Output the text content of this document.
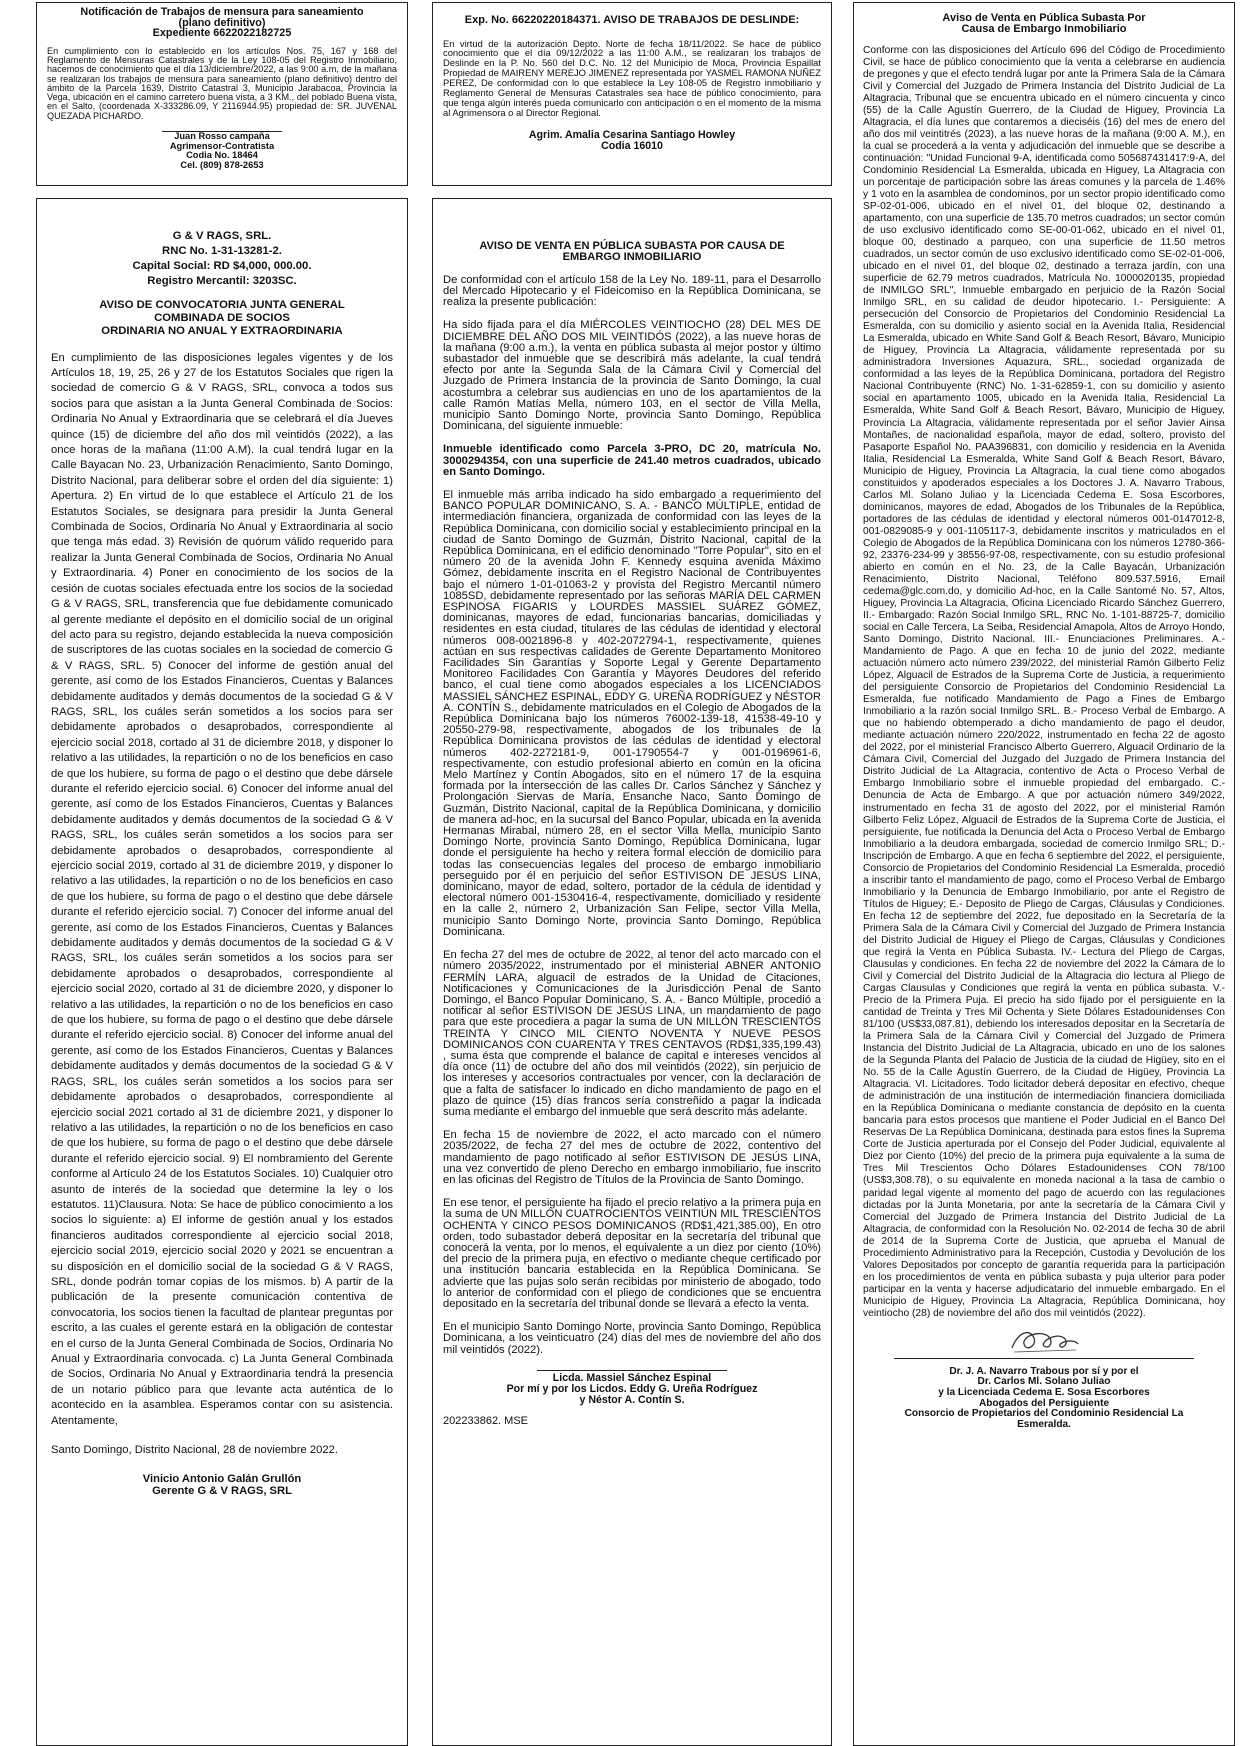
Notificación de Trabajos de mensura para saneamiento
(plano definitivo)
Expediente 6622022182725

En cumplimiento con lo establecido en los artículos Nos. 75, 167 y 168 del Reglamento de Mensuras Catastrales y de la Ley 108-05 del Registro Inmobiliario, hacemos de conocimiento que el día 13/diciembre/2022, a las 9:00 a.m, de la mañana se realizaran los trabajos de mensura para saneamiento (plano definitivo) dentro del ámbito de la Parcela 1639, Distrito Catastral 3, Municipio Jarabacoa, Provincia la Vega, ubicación en el camino carretero buena vista, a 3 KM., del poblado Buena vista, en el Salto, (coordenada X-333286.09, Y 2116944.95) propiedad de: SR. JUVENAL QUEZADA PICHARDO.

Juan Rosso campaña
Agrimensor-Contratista
Codia No. 18464
Cel. (809) 878-2653
Exp. No. 66220220184371. AVISO DE TRABAJOS DE DESLINDE:

En virtud de la autorización Depto. Norte de fecha 18/11/2022. Se hace de público conocimiento que el día 09/12/2022 a las 11:00 A.M., se realizaran los trabajos de Deslinde en la P. No. 560 del D.C. No. 12 del Municipio de Moca, Provincia Espaillat Propiedad de MAIRENY MEREJO JIMENEZ representada por YASMEL RAMONA NUÑEZ PEREZ, De conformidad con lo que establece la Ley 108-05 de Registro inmobiliario y Reglamento General de Mensuras Catastrales sea hace de público conocimiento, para que tenga algún interés pueda comunicarlo con anticipación o en el momento de la misma al Agrimensora o al Director Regional.

Agrim. Amalia Cesarina Santiago Howley
Codia 16010
G & V RAGS, SRL.
RNC No. 1-31-13281-2.
Capital Social: RD $4,000, 000.00.
Registro Mercantil: 3203SC.
AVISO DE CONVOCATORIA JUNTA GENERAL
COMBINADA DE SOCIOS
ORDINARIA NO ANUAL Y EXTRAORDINARIA

En cumplimiento de las disposiciones legales vigentes y de los Artículos 18, 19, 25, 26 y 27 de los Estatutos Sociales que rigen la sociedad de comercio G & V RAGS, SRL, convoca a todos sus socios para que asistan a la Junta General Combinada de Socios: Ordinaria No Anual y Extraordinaria que se celebrará el día Jueves quince (15) de diciembre del año dos mil veintidós (2022), a las once horas de la mañana (11:00 A.M). la cual tendrá lugar en la Calle Bayacan No. 23, Urbanización Renacimiento, Santo Domingo, Distrito Nacional, para deliberar sobre el orden del día siguiente: 1) Apertura. 2) En virtud de lo que establece el Artículo 21 de los Estatutos Sociales, se designara para presidir la Junta General Combinada de Socios, Ordinaria No Anual y Extraordinaria al socio que tenga más edad. 3) Revisión de quórum válido requerido para realizar la Junta General Combinada de Socios, Ordinaria No Anual y Extraordinaria. 4) Poner en conocimiento de los socios de la cesión de cuotas sociales efectuada entre los socios de la sociedad G & V RAGS, SRL, transferencia que fue debidamente comunicado al gerente mediante el depósito en el domicilio social de un original del acto para su registro, dejando establecida la nueva composición de suscriptores de las cuotas sociales en la sociedad de comercio G & V RAGS, SRL. 5) Conocer del informe de gestión anual del gerente, así como de los Estados Financieros, Cuentas y Balances debidamente auditados y demás documentos de la sociedad G & V RAGS, SRL, los cuáles serán sometidos a los socios para ser debidamente aprobados o desaprobados, correspondiente al ejercicio social 2018, cortado al 31 de diciembre 2018, y disponer lo relativo a las utilidades, la repartición o no de los beneficios en caso de que los hubiere, su forma de pago o el destino que debe dársele durante el referido ejercicio social. 6) Conocer del informe anual del gerente, así como de los Estados Financieros, Cuentas y Balances debidamente auditados y demás documentos de la sociedad G & V RAGS, SRL, los cuáles serán sometidos a los socios para ser debidamente aprobados o desaprobados, correspondiente al ejercicio social 2019, cortado al 31 de diciembre 2019, y disponer lo relativo a las utilidades, la repartición o no de los beneficios en caso de que los hubiere, su forma de pago o el destino que debe dársele durante el referido ejercicio social. 7) Conocer del informe anual del gerente, así como de los Estados Financieros, Cuentas y Balances debidamente auditados y demás documentos de la sociedad G & V RAGS, SRL, los cuáles serán sometidos a los socios para ser debidamente aprobados o desaprobados, correspondiente al ejercicio social 2020, cortado al 31 de diciembre 2020, y disponer lo relativo a las utilidades, la repartición o no de los beneficios en caso de que los hubiere, su forma de pago o el destino que debe dársele durante el referido ejercicio social. 8) Conocer del informe anual del gerente, así como de los Estados Financieros, Cuentas y Balances debidamente auditados y demás documentos de la sociedad G & V RAGS, SRL, los cuáles serán sometidos a los socios para ser debidamente aprobados o desaprobados, correspondiente al ejercicio social 2021 cortado al 31 de diciembre 2021, y disponer lo relativo a las utilidades, la repartición o no de los beneficios en caso de que los hubiere, su forma de pago o el destino que debe dársele durante el referido ejercicio social. 9) El nombramiento del Gerente conforme al Artículo 24 de los Estatutos Sociales. 10) Cualquier otro asunto de interés de la sociedad que determine la ley o los estatutos. 11)Clausura. Nota: Se hace de público conocimiento a los socios lo siguiente: a) El informe de gestión anual y los estados financieros auditados correspondiente al ejercicio social 2018, ejercicio social 2019, ejercicio social 2020 y 2021 se encuentran a su disposición en el domicilio social de la sociedad G & V RAGS, SRL, donde podrán tomar copias de los mismos. b) A partir de la publicación de la presente comunicación contentiva de convocatoria, los socios tienen la facultad de plantear preguntas por escrito, a las cuales el gerente estará en la obligación de contestar en el curso de la Junta General Combinada de Socios, Ordinaria No Anual y Extraordinaria convocada. c) La Junta General Combinada de Socios, Ordinaria No Anual y Extraordinaria tendrá la presencia de un notario público para que levante acta auténtica de lo acontecido en la asamblea. Esperamos contar con su asistencia. Atentamente,

Santo Domingo, Distrito Nacional, 28 de noviembre 2022.

Vinicio Antonio Galán Grullón
Gerente G & V RAGS, SRL
AVISO DE VENTA EN PÚBLICA SUBASTA POR CAUSA DE
EMBARGO INMOBILIARIO

De conformidad con el artículo 158 de la Ley No. 189-11, para el Desarrollo del Mercado Hipotecario y el Fideicomiso en la República Dominicana, se realiza la presente publicación:

Ha sido fijada para el día MIÉRCOLES VEINTIOCHO (28) DEL MES DE DICIEMBRE DEL AÑO DOS MIL VEINTIDÓS (2022), a las nueve horas de la mañana (9:00 a.m.), la venta en pública subasta al mejor postor y último subastador del inmueble que se describirá más adelante, la cual tendrá efecto por ante la Segunda Sala de la Cámara Civil y Comercial del Juzgado de Primera Instancia de la provincia de Santo Domingo, la cual acostumbra a celebrar sus audiencias en uno de los apartamientos de la calle Ramón Matías Mella, número 103, en el sector de Villa Mella, municipio Santo Domingo Norte, provincia Santo Domingo, República Dominicana, del siguiente inmueble:

Inmueble identificado como Parcela 3-PRO, DC 20, matrícula No. 3000294354, con una superficie de 241.40 metros cuadrados, ubicado en Santo Domingo.

El inmueble más arriba indicado ha sido embargado a requerimiento del BANCO POPULAR DOMINICANO, S. A. - BANCO MÚLTIPLE, entidad de intermediación financiera, organizada de conformidad con las leyes de la República Dominicana, con domicilio social y establecimiento principal en la ciudad de Santo Domingo de Guzmán, Distrito Nacional, capital de la República Dominicana, en el edificio denominado "Torre Popular", sito en el número 20 de la avenida John F. Kennedy esquina avenida Máximo Gómez, debidamente inscrita en el Registro Nacional de Contribuyentes bajo el número 1-01-01063-2 y provista del Registro Mercantil número 1085SD, debidamente representado por las señoras MARÍA DEL CARMEN ESPINOSA FIGARIS y LOURDES MASSIEL SUÁREZ GÓMEZ, dominicanas, mayores de edad, funcionarias bancarias, domiciliadas y residentes en esta ciudad, titulares de las cédulas de identidad y electoral números 008-0021896-8 y 402-2072794-1, respectivamente, quienes actúan en sus respectivas calidades de Gerente Departamento Monitoreo Facilidades Sin Garantías y Soporte Legal y Gerente Departamento Monitoreo Facilidades Con Garantía y Mayores Deudores del referido banco, el cual tiene como abogados especiales a los LICENCIADOS MASSIEL SÁNCHEZ ESPINAL, EDDY G. UREÑA RODRÍGUEZ y NÉSTOR A. CONTÍN S., debidamente matriculados en el Colegio de Abogados de la República Dominicana bajo los números 76002-139-18, 41538-49-10 y 20550-279-98, respectivamente, abogados de los tribunales de la República Dominicana provistos de las cédulas de identidad y electoral números 402-2272181-9, 001-1790554-7 y 001-0196961-6, respectivamente, con estudio profesional abierto en común en la oficina Melo Martínez y Contín Abogados, sito en el número 17 de la esquina formada por la intersección de las calles Dr. Carlos Sánchez y Sánchez y Prolongación Siervas de María, Ensanche Naco, Santo Domingo de Guzmán, Distrito Nacional, capital de la República Dominicana, y domicilio de manera ad-hoc, en la sucursal del Banco Popular, ubicada en la avenida Hermanas Mirabal, número 28, en el sector Villa Mella, municipio Santo Domingo Norte, provincia Santo Domingo, República Dominicana, lugar donde el persiguiente ha hecho y reitera formal elección de domicilio para todas las consecuencias legales del proceso de embargo inmobiliario perseguido por él en perjuicio del señor ESTIVISON DE JESÚS LINA, dominicano, mayor de edad, soltero, portador de la cédula de identidad y electoral número 001-1530416-4, respectivamente, domiciliado y residente en la calle 2, número 2, Urbanización San Felipe, sector Villa Mella, municipio Santo Domingo Norte, provincia Santo Domingo, República Dominicana.

En fecha 27 del mes de octubre de 2022, al tenor del acto marcado con el número 2035/2022, instrumentado por el ministerial ABNER ANTONIO FERMÍN LARA, alguacil de estrados de la Unidad de Citaciones, Notificaciones y Comunicaciones de la Jurisdicción Penal de Santo Domingo, el Banco Popular Dominicano, S. A. - Banco Múltiple, procedió a notificar al señor ESTIVISON DE JESÚS LINA, un mandamiento de pago para que este procediera a pagar la suma de UN MILLÓN TRESCIENTOS TREINTA Y CINCO MIL CIENTO NOVENTA Y NUEVE PESOS DOMINICANOS CON CUARENTA Y TRES CENTAVOS (RD$1,335,199.43) , suma ésta que comprende el balance de capital e intereses vencidos al día once (11) de octubre del año dos mil veintidós (2022), sin perjuicio de los intereses y accesorios contractuales por vencer, con la declaración de que a falta de satisfacer lo indicado en dicho mandamiento de pago en el plazo de quince (15) días francos sería constreñido a pagar la indicada suma mediante el embargo del inmueble que será descrito más adelante.

En fecha 15 de noviembre de 2022, el acto marcado con el número 2035/2022, de fecha 27 del mes de octubre de 2022, contentivo del mandamiento de pago notificado al señor ESTIVISON DE JESÚS LINA, una vez convertido de pleno Derecho en embargo inmobiliario, fue inscrito en las oficinas del Registro de Títulos de la Provincia de Santo Domingo.

En ese tenor, el persiguiente ha fijado el precio relativo a la primera puja en la suma de UN MILLÓN CUATROCIENTOS VEINTIÚN MIL TRESCIENTOS OCHENTA Y CINCO PESOS DOMINICANOS (RD$1,421,385.00), En otro orden, todo subastador deberá depositar en la secretaría del tribunal que conocerá la venta, por lo menos, el equivalente a un diez por ciento (10%) del precio de la primera puja, en efectivo o mediante cheque certificado por una institución bancaria establecida en la República Dominicana. Se advierte que las pujas solo serán recibidas por ministerio de abogado, todo lo anterior de conformidad con el pliego de condiciones que se encuentra depositado en la secretaría del tribunal donde se llevará a efecto la venta.

En el municipio Santo Domingo Norte, provincia Santo Domingo, República Dominicana, a los veinticuatro (24) días del mes de noviembre del año dos mil veintidós (2022).

Licda. Massiel Sánchez Espinal
Por mí y por los Licdos. Eddy G. Ureña Rodríguez
y Néstor A. Contín S.
202233862. MSE
Aviso de Venta en Pública Subasta Por
Causa de Embargo Inmobiliario

Conforme con las disposiciones del Artículo 696 del Código de Procedimiento Civil, se hace de público conocimiento que la venta a celebrarse en audiencia de pregones y que el efecto tendrá lugar por ante la Primera Sala de la Cámara Civil y Comercial del Juzgado de Primera Instancia del Distrito Judicial de La Altagracia, Tribunal que se encuentra ubicado en el número cincuenta y cinco (55) de la Calle Agustín Guerrero, de la Ciudad de Higuey, Provincia La Altagracia, el día lunes que contaremos a dieciséis (16) del mes de enero del año dos mil veintitrés (2023), a las nueve horas de la mañana (9:00 A. M.), en la cual se procederá a la venta y adjudicación del inmueble que se describe a continuación: "Unidad Funcional 9-A, identificada como 505687431417:9-A, del Condominio Residencial La Esmeralda, ubicada en Higuey, La Altagracia con un porcentaje de participación sobre las áreas comunes y la parcela de 1.46% y 1 voto en la asamblea de condominos, por un sector propio identificado como SP-02-01-006, ubicado en el nivel 01, del bloque 02, destinando a apartamento, con una superficie de 135.70 metros cuadrados; un sector común de uso exclusivo identificado como SE-00-01-062, ubicado en el nivel 01, bloque 00, destinado a parqueo, con una superficie de 11.50 metros cuadrados, un sector común de uso exclusivo identificado como SE-02-01-006, ubicado en el nivel 01, del bloque 02, destinado a terraza jardín, con una superficie de 62.79 metros cuadrados, Matrícula No. 1000020135, propiedad de INMILGO SRL", Inmueble embargado en perjuicio de la Razón Social Inmilgo SRL, en su calidad de deudor hipotecario. I.- Persiguiente: A persecución del Consorcio de Propietarios del Condominio Residencial La Esmeralda, con su domicilio y asiento social en la Avenida Italia, Residencial La Esmeralda, ubicado en White Sand Golf & Beach Resort, Bávaro, Municipio de Higuey, Provincia La Altagracia, válidamente representada por su administradora Inversiones Aquazura, SRL., sociedad organizada de conformidad a las leyes de la República Dominicana, portadora del Registro Nacional Contribuyente (RNC) No. 1-31-62859-1, con su domicilio y asiento social en apartamento 1005, ubicado en la Avenida Italia, Residencial La Esmeralda, White Sand Golf & Beach Resort, Bávaro, Municipio de Higuey, Provincia La Altagracia, válidamente representada por el señor Javier Ainsa Montañes, de nacionalidad española, mayor de edad, soltero, provisto del Pasaporte Español No. PAA396831, con domicilio y residencia en la Avenida Italia, Residencial La Esmeralda, White Sand Golf & Beach Resort, Bávaro, Municipio de Higuey, Provincia La Altagracia, la cual tiene como abogados constituidos y apoderados especiales a los Doctores J. A. Navarro Trabous, Carlos Ml. Solano Juliao y la Licenciada Cedema E. Sosa Escorbores, dominicanos, mayores de edad, Abogados de los Tribunales de la República, portadores de las cédulas de identidad y electoral números 001-0147012-8, 001-0829085-9 y 001-1105117-3, debidamente inscritos y matriculados en el Colegio de Abogados de la República Dominicana con los números 12780-366-92, 23376-234-99 y 38556-97-08, respectivamente, con su estudio profesional abierto en común en el No. 23, de la Calle Bayacán, Urbanización Renacimiento, Distrito Nacional, Teléfono 809.537.5916, Email cedema@glc.com.do, y domicilio Ad-hoc, en la Calle Santomé No. 57, Altos, Higuey, Provincia La Altagracia, Oficina Licenciado Ricardo Sánchez Guerrero, II.- Embargado: Razón Social Inmilgo SRL, RNC No. 1-101-88725-7, domicilio social en Calle Tercera, La Seiba, Residencial Amapola, Altos de Arroyo Hondo, Santo Domingo, Distrito Nacional. III.- Enunciaciones Preliminares. A.- Mandamiento de Pago. A que en fecha 10 de junio del 2022, mediante actuación número acto número 239/2022, del ministerial Ramón Gilberto Feliz López, Alguacil de Estrados de la Suprema Corte de Justicia, a requerimiento del persiguiente Consorcio de Propietarios del Condominio Residencial La Esmeralda, fue notificado Mandamiento de Pago a Fines de Embargo Inmobiliario a la razón social Inmilgo SRL. B.- Proceso Verbal de Embargo. A que no habiendo obtemperado a dicho mandamiento de pago el deudor, mediante actuación número 220/2022, instrumentado en fecha 22 de agosto del 2022, por el ministerial Francisco Alberto Guerrero, Alguacil Ordinario de la Cámara Civil, Comercial del Juzgado del Juzgado de Primera Instancia del Distrito Judicial de La Altagracia, contentivo de Acta o Proceso Verbal de Embargo Inmobiliario sobre el inmueble propiedad del embargado. C.-Denuncia de Acta de Embargo. A que por actuación número 349/2022, instrumentado en fecha 31 de agosto del 2022, por el ministerial Ramón Gilberto Feliz López, Alguacil de Estrados de la Suprema Corte de Justicia, el persiguiente, fue notificada la Denuncia del Acta o Proceso Verbal de Embargo Inmobiliario a la deudora embargada, sociedad de comercio Inmilgo SRL; D.- Inscripción de Embargo. A que en fecha 6 septiembre del 2022, el persiguiente, Consorcio de Propietarios del Condominio Residencial La Esmeralda, procedió a inscribir tanto el mandamiento de pago, como el Proceso Verbal de Embargo Inmobiliario y la Denuncia de Embargo Inmobiliario, por ante el Registro de Títulos de Higuey; E.- Deposito de Pliego de Cargas, Cláusulas y Condiciones. En fecha 12 de septiembre del 2022, fue depositado en la Secretaría de la Primera Sala de la Cámara Civil y Comercial del Juzgado de Primera Instancia del Distrito Judicial de Higuey el Pliego de Cargas, Cláusulas y Condiciones que regirá la Venta en Pública Subasta. IV.- Lectura del Pliego de Cargas, Clausulas y condiciones. En fecha 22 de noviembre del 2022 la Cámara de lo Civil y Comercial del Distrito Judicial de la Altagracia dio lectura al Pliego de Cargas Clausulas y Condiciones que regirá la venta en pública subasta. V.- Precio de la Primera Puja. El precio ha sido fijado por el persiguiente en la cantidad de Treinta y Tres Mil Ochenta y Siete Dólares Estadounidenses Con 81/100 (US$33,087.81), debiendo los interesados depositar en la Secretaría de la Primera Sala de la Cámara Civil y Comercial del Juzgado de Primera Instancia del Distrito Judicial de La Altagracia, ubicado en uno de los salones de la Segunda Planta del Palacio de Justicia de la ciudad de Higüey, sito en el No. 55 de la Calle Agustín Guerrero, de la Ciudad de Higüey, Provincia La Altagracia. VI. Licitadores. Todo licitador deberá depositar en efectivo, cheque de administración de una institución de intermediación financiera domiciliada en la República Dominicana o mediante constancia de depósito en la cuenta bancaria para estos procesos que mantiene el Poder Judicial en el Banco Del Reservas De La República Dominicana, destinada para estos fines la Suprema Corte de Justicia aperturada por el Consejo del Poder Judicial, equivalente al Diez por Ciento (10%) del precio de la primera puja equivalente a la suma de Tres Mil Trescientos Ocho Dólares Estadounidenses CON 78/100 (US$3,308.78), o su equivalente en moneda nacional a la tasa de cambio o paridad legal vigente al momento del pago de acuerdo con las regulaciones dictadas por la Junta Monetaria, por ante la secretaría de la Cámara Civil y Comercial del Juzgado de Primera Instancia del Distrito Judicial de La Altagracia, de conformidad con la Resolución No. 02-2014 de fecha 30 de abril de 2014 de la Suprema Corte de Justicia, que aprueba el Manual de Procedimiento Administrativo para la Recepción, Custodia y Devolución de los Valores Depositados por concepto de garantía requerida para la participación en los procedimientos de venta en pública subasta y puja ulterior para poder participar en la venta y hacerse adjudicatario del inmueble embargado. En el Municipio de Higuey, Provincia La Altagracia, República Dominicana, hoy veintiocho (28) de noviembre del año dos mil veintidós (2022).

Dr. J. A. Navarro Trabous por sí y por el
Dr. Carlos Ml. Solano Juliao
y la Licenciada Cedema E. Sosa Escorbores
Abogados del Persiguiente
Consorcio de Propietarios del Condominio Residencial La
Esmeralda.
